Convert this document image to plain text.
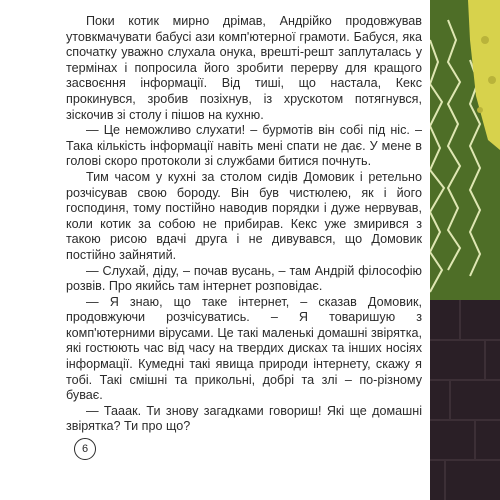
Поки котик мирно дрімав, Андрійко продовжував утовкмачувати бабусі ази комп'ютерної грамоти. Бабуся, яка спочатку уважно слухала онука, врешті-решт заплуталась у термінах і попросила його зробити перерву для кращого засвоєння інформації. Від тиші, що настала, Кекс прокинувся, зробив позіхнув, із хрускотом потягнувся, зіскочив зі столу і пішов на кухню.

— Це неможливо слухати! – бурмотів він собі під ніс. – Така кількість інформації навіть мені спати не дає. У мене в голові скоро протоколи зі службами битися почнуть.

Тим часом у кухні за столом сидів Домовик і ретельно розчісував свою бороду. Він був чистюлею, як і його господиня, тому постійно наводив порядки і дуже нервував, коли котик за собою не прибирав. Кекс уже змирився з такою рисою вдачі друга і не дивувався, що Домовик постійно зайнятий.

— Слухай, діду, – почав вусань, – там Андрій філософію розвів. Про якийсь там інтернет розповідає.

— Я знаю, що таке інтернет, – сказав Домовик, продовжуючи розчісуватись. – Я товаришую з комп'ютерними вірусами. Це такі маленькі домашні звірятка, які гостюють час від часу на твердих дисках та інших носіях інформації. Кумедні такі явища природи інтернету, скажу я тобі. Такі смішні та прикольні, добрі та злі – по-різному буває.

— Тааак. Ти знову загадками говориш! Які ще домашні звірятка? Ти про що?

6
